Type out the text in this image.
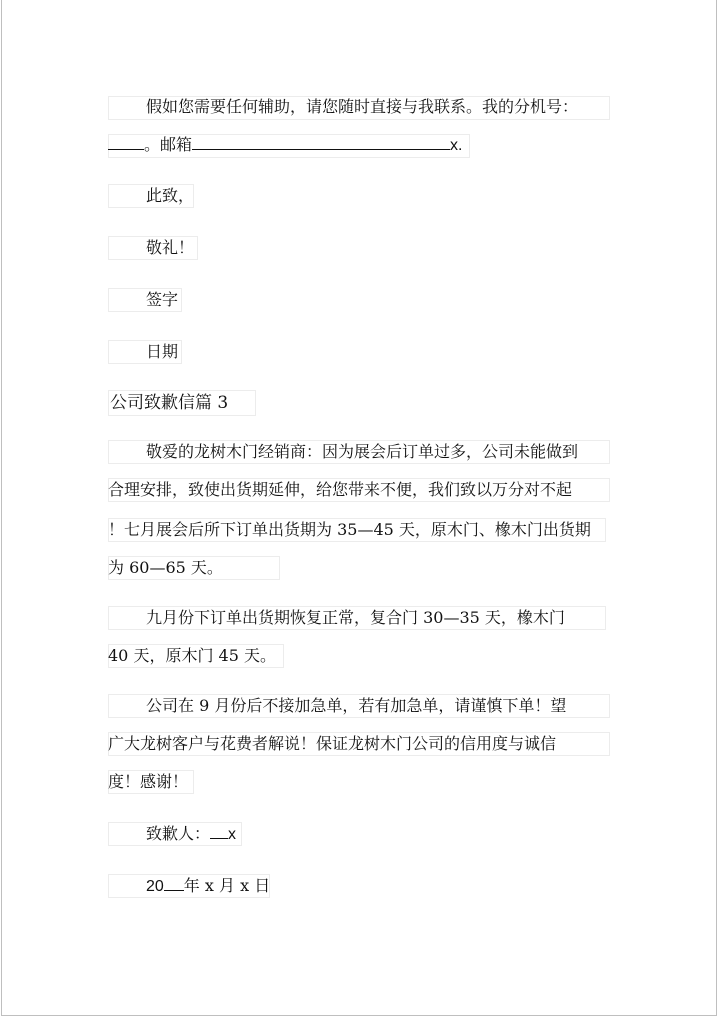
假如您需要任何辅助，请您随时直接与我联系。我的分机号：
。邮箱	x.
此致，
敬礼！
签字
日期
公司致歉信篇 3
敬爱的龙树木门经销商：因为展会后订单过多，公司未能做到
合理安排，致使出货期延伸，给您带来不便，我们致以万分对不起
！七月展会后所下订单出货期为 35—45 天，原木门、橡木门出货期
为 60—65 天。
九月份下订单出货期恢复正常，复合门 30—35 天，橡木门
40 天，原木门 45 天。
公司在 9 月份后不接加急单，若有加急单，请谨慎下单！望
广大龙树客户与花费者解说！保证龙树木门公司的信用度与诚信
度！感谢！
致歉人： x
20 年 x 月 x 日
